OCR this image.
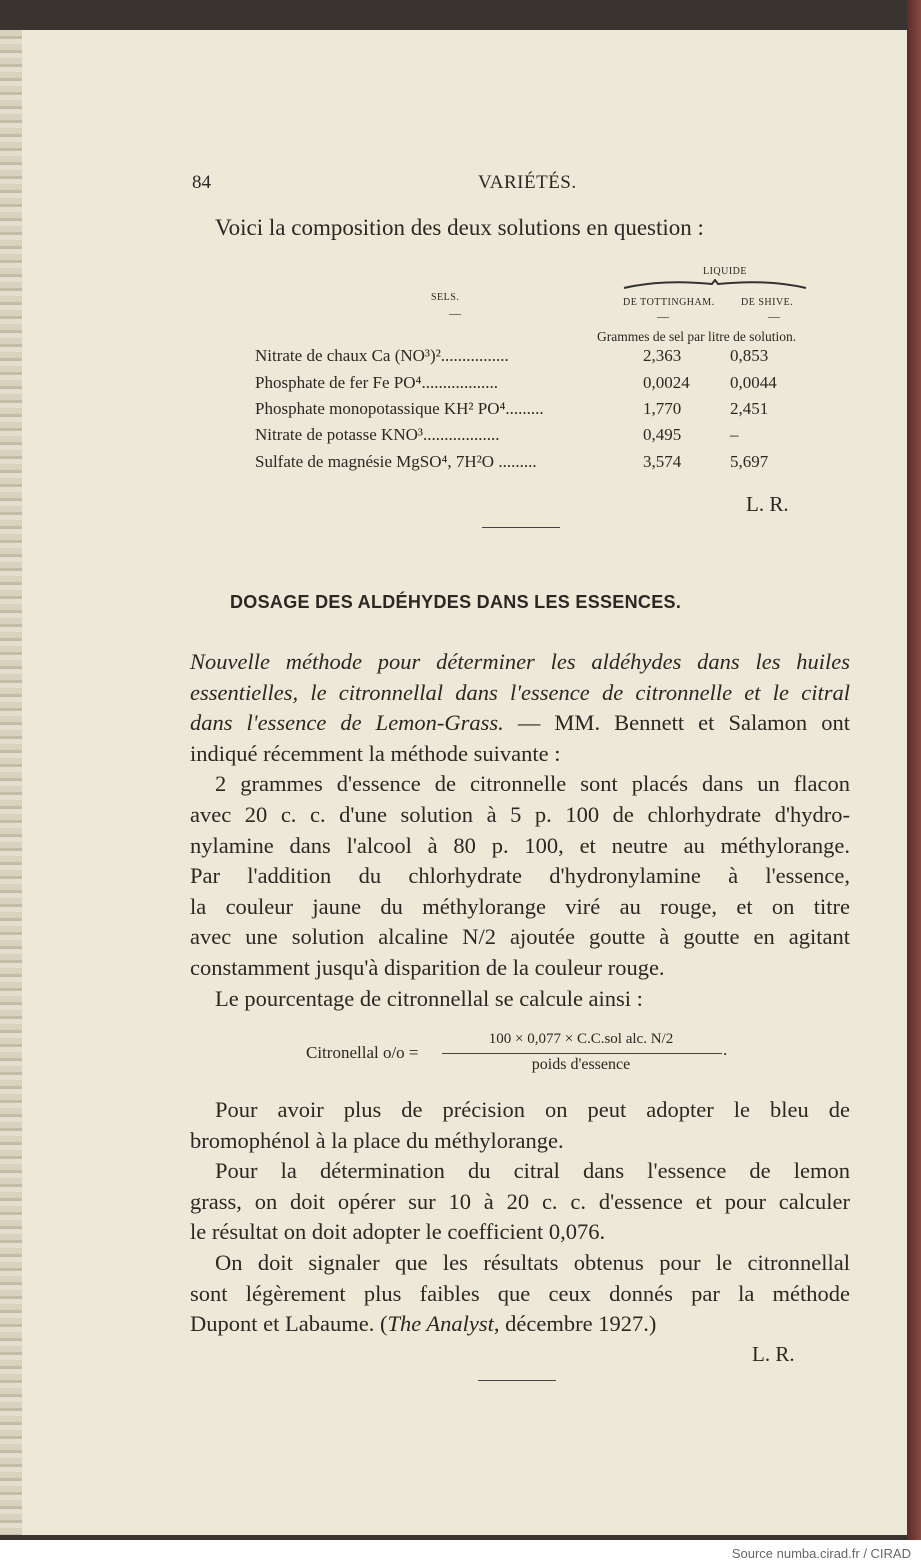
84	VARIÉTÉS.
Voici la composition des deux solutions en question :
LIQUIDE
SELS.	DE TOTTINGHAM.	DE SHIVE.
—	—	—
Grammes de sel par litre de solution.
Nitrate de chaux Ca (NO³)²................	2,363	0,853
Phosphate de fer Fe PO⁴..................	0,0024 0,0044
Phosphate monopotassique KH² PO⁴.........	1,770	2,451
Nitrate de potasse KNO³..................	0,495	–
Sulfate de magnésie MgSO⁴, 7H²O .........	3,574	5,697
L. R.
DOSAGE DES ALDÉHYDES DANS LES ESSENCES.
Nouvelle méthode pour déterminer les aldéhydes dans les huiles
essentielles, le citronnellal dans l'essence de citronnelle et le citral
dans l'essence de Lemon-Grass. — MM. Bennett et Salamon ont
indiqué récemment la méthode suivante :
2 grammes d'essence de citronnelle sont placés dans un flacon
avec 20 c. c. d'une solution à 5 p. 100 de chlorhydrate d'hydro-
nylamine dans l'alcool à 80 p. 100, et neutre au méthylorange.
Par l'addition du chlorhydrate d'hydronylamine à l'essence,
la couleur jaune du méthylorange viré au rouge, et on titre
avec une solution alcaline N/2 ajoutée goutte à goutte en agitant
constamment jusqu'à disparition de la couleur rouge.
Le pourcentage de citronnellal se calcule ainsi :
Citronellal o/o =
100 × 0,077 × C.C.sol alc. N/2
poids d'essence
.
Pour avoir plus de précision on peut adopter le bleu de
bromophénol à la place du méthylorange.
Pour la détermination du citral dans l'essence de lemon
grass, on doit opérer sur 10 à 20 c. c. d'essence et pour calculer
le résultat on doit adopter le coefficient 0,076.
On doit signaler que les résultats obtenus pour le citronnellal
sont légèrement plus faibles que ceux donnés par la méthode
Dupont et Labaume. (The Analyst, décembre 1927.)
L. R.
Source numba.cirad.fr / CIRAD
